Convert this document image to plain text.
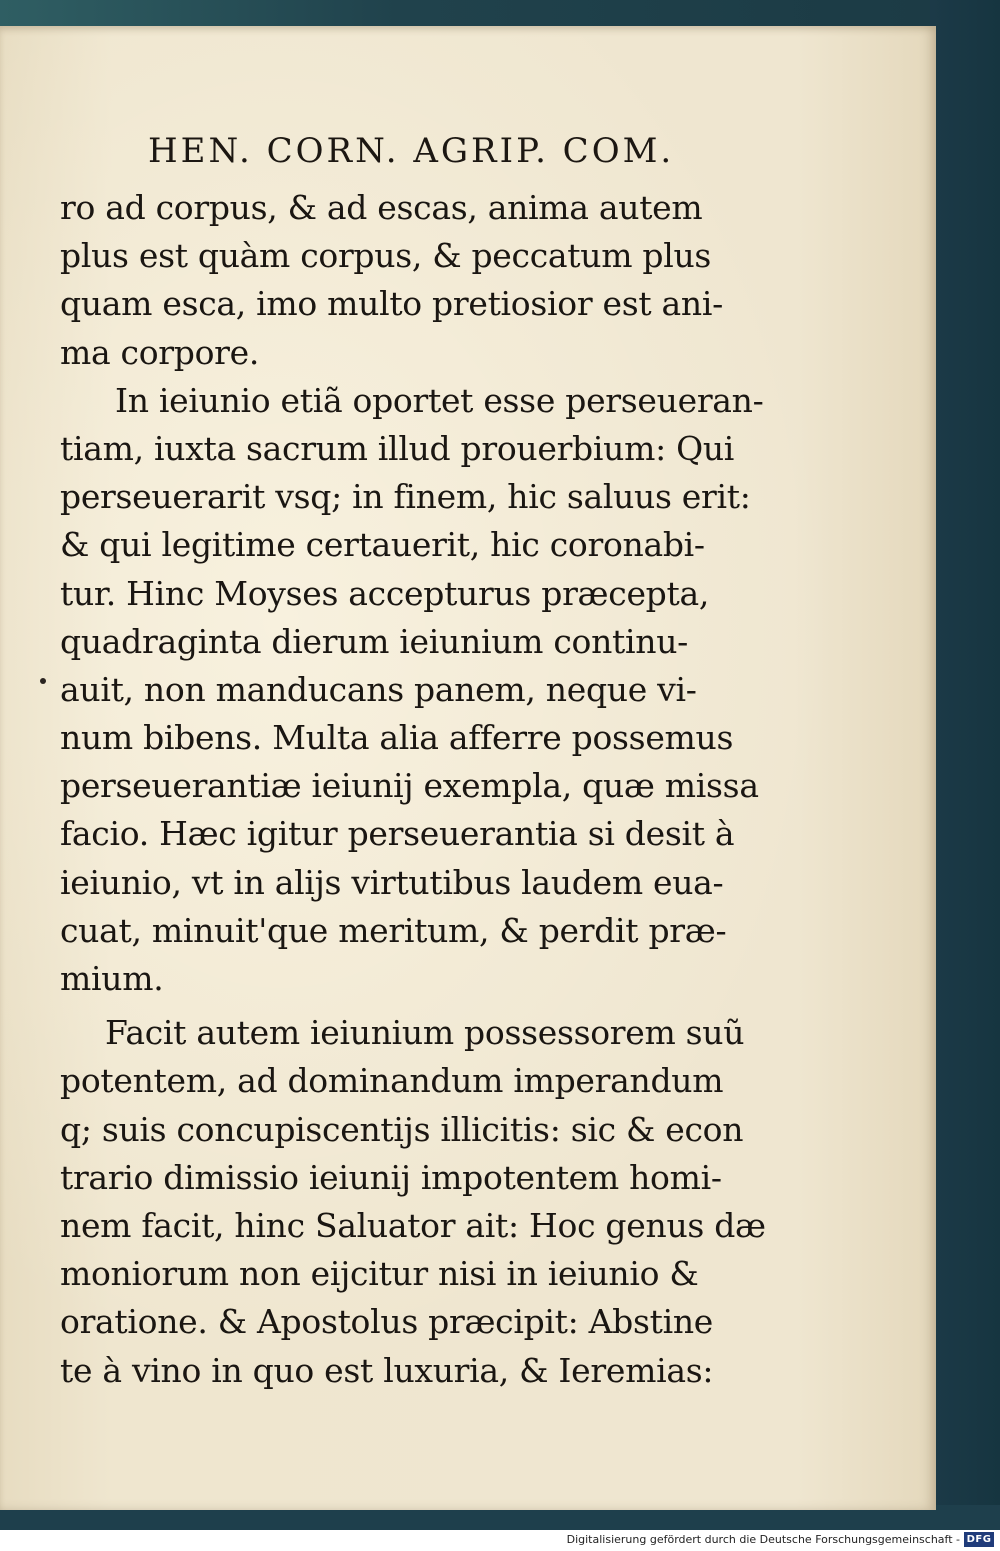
HEN. CORN. AGRIP. COM.
ro ad corpus, & ad escas, anima autem
plus est quàm corpus, & peccatum plus
quam esca, imo multo pretiosior est ani-
ma corpore.
In ieiunio etiã oportet esse perseueran-
tiam, iuxta sacrum illud prouerbium: Qui
perseuerarit vsq; in finem, hic saluus erit:
& qui legitime certauerit, hic coronabi-
tur. Hinc Moyses accepturus præcepta,
quadraginta dierum ieiunium continu-
auit, non manducans panem, neque vi-
num bibens. Multa alia afferre possemus
perseuerantiæ ieiunij exempla, quæ missa
facio. Hæc igitur perseuerantia si desit à
ieiunio, vt in alijs virtutibus laudem eua-
cuat, minuit'que meritum, & perdit præ-
mium.
Facit autem ieiunium possessorem suũ
potentem, ad dominandum imperandum
q; suis concupiscentijs illicitis: sic & econ
trario dimissio ieiunij impotentem homi-
nem facit, hinc Saluator ait: Hoc genus dæ
moniorum non eijcitur nisi in ieiunio &
oratione. & Apostolus præcipit: Abstine
te à vino in quo est luxuria, & Ieremias:
Digitalisierung gefördert durch die Deutsche Forschungsgemeinschaft - DFG
